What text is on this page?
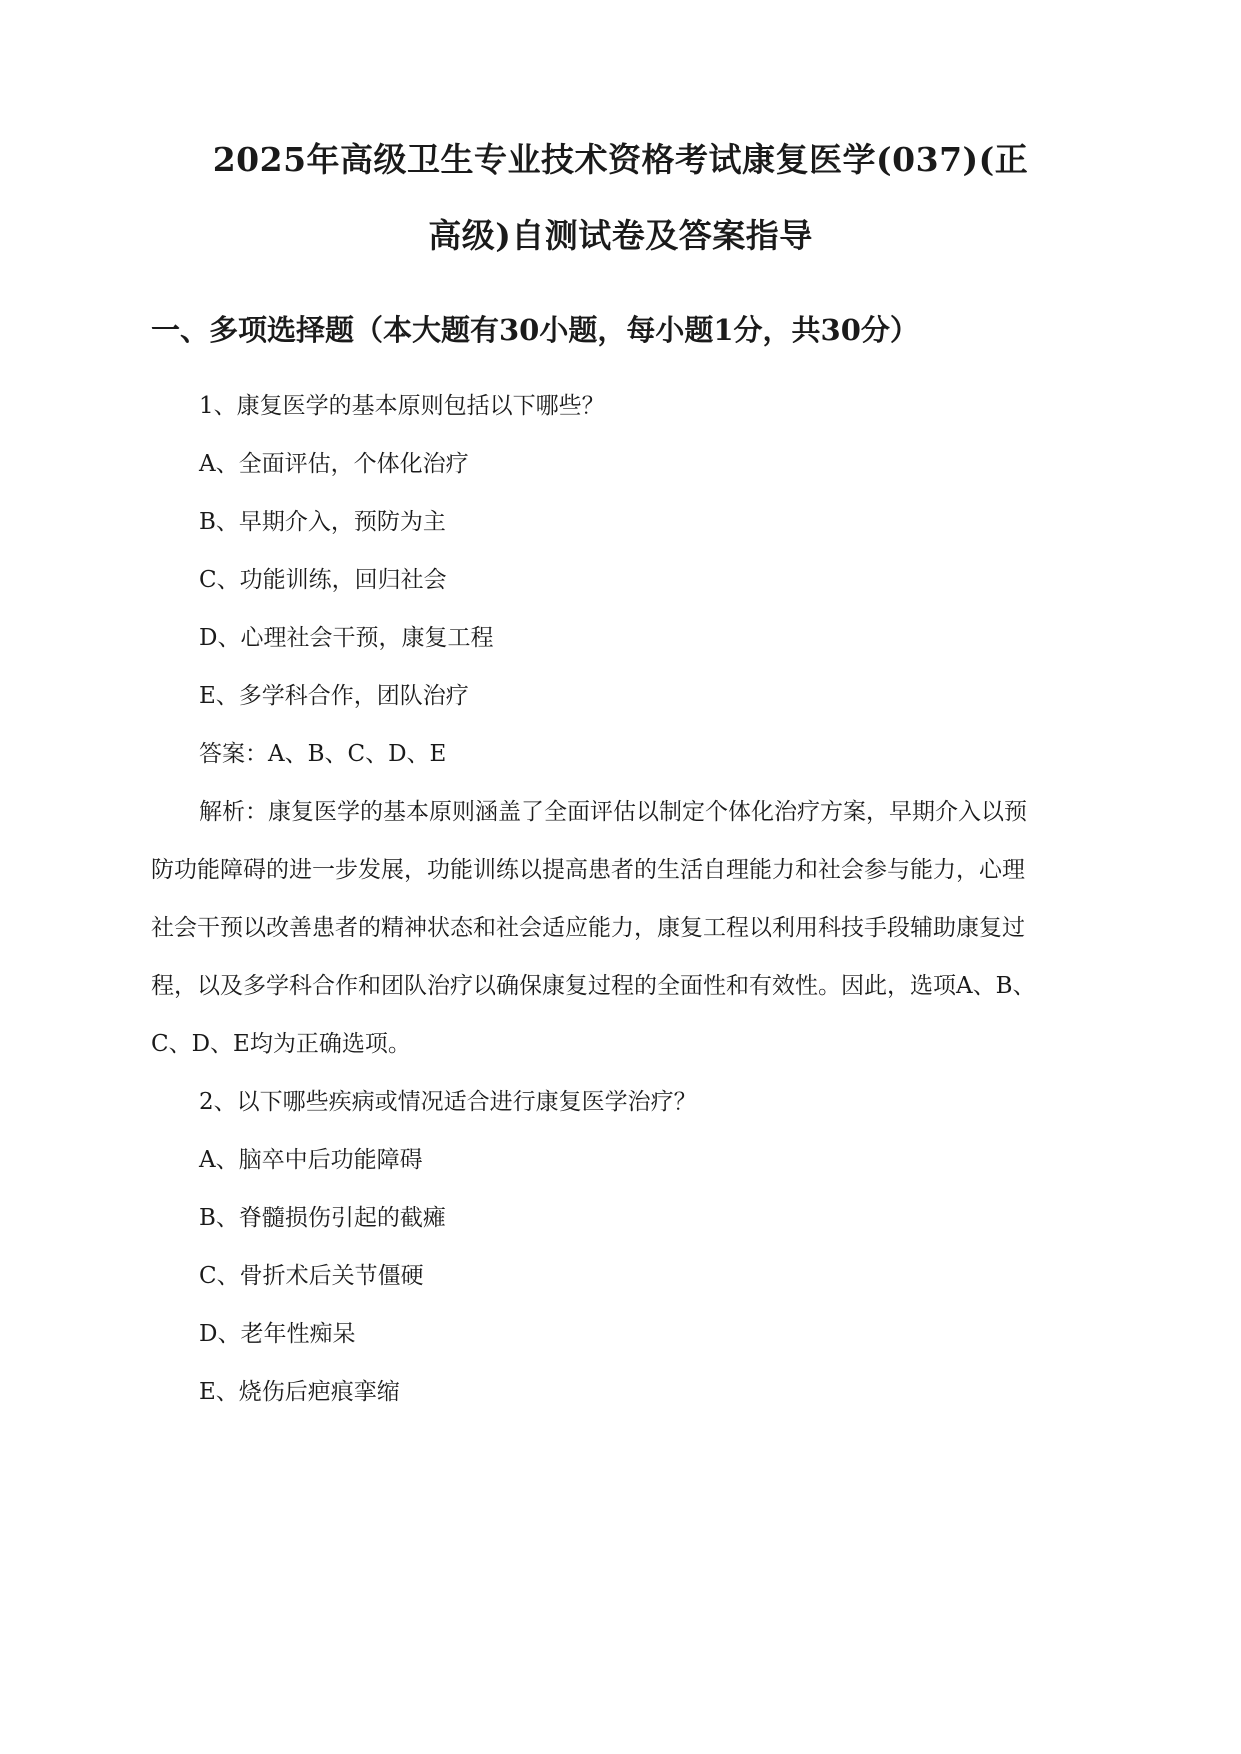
2025年高级卫生专业技术资格考试康复医学(037)(正
高级)自测试卷及答案指导
一、多项选择题（本大题有30小题，每小题1分，共30分）
1、康复医学的基本原则包括以下哪些？
A、全面评估，个体化治疗
B、早期介入，预防为主
C、功能训练，回归社会
D、心理社会干预，康复工程
E、多学科合作，团队治疗
答案：A、B、C、D、E
解析：康复医学的基本原则涵盖了全面评估以制定个体化治疗方案，早期介入以预
防功能障碍的进一步发展，功能训练以提高患者的生活自理能力和社会参与能力，心理
社会干预以改善患者的精神状态和社会适应能力，康复工程以利用科技手段辅助康复过
程，以及多学科合作和团队治疗以确保康复过程的全面性和有效性。因此，选项A、B、
C、D、E均为正确选项。
2、以下哪些疾病或情况适合进行康复医学治疗？
A、脑卒中后功能障碍
B、脊髓损伤引起的截瘫
C、骨折术后关节僵硬
D、老年性痴呆
E、烧伤后疤痕挛缩
